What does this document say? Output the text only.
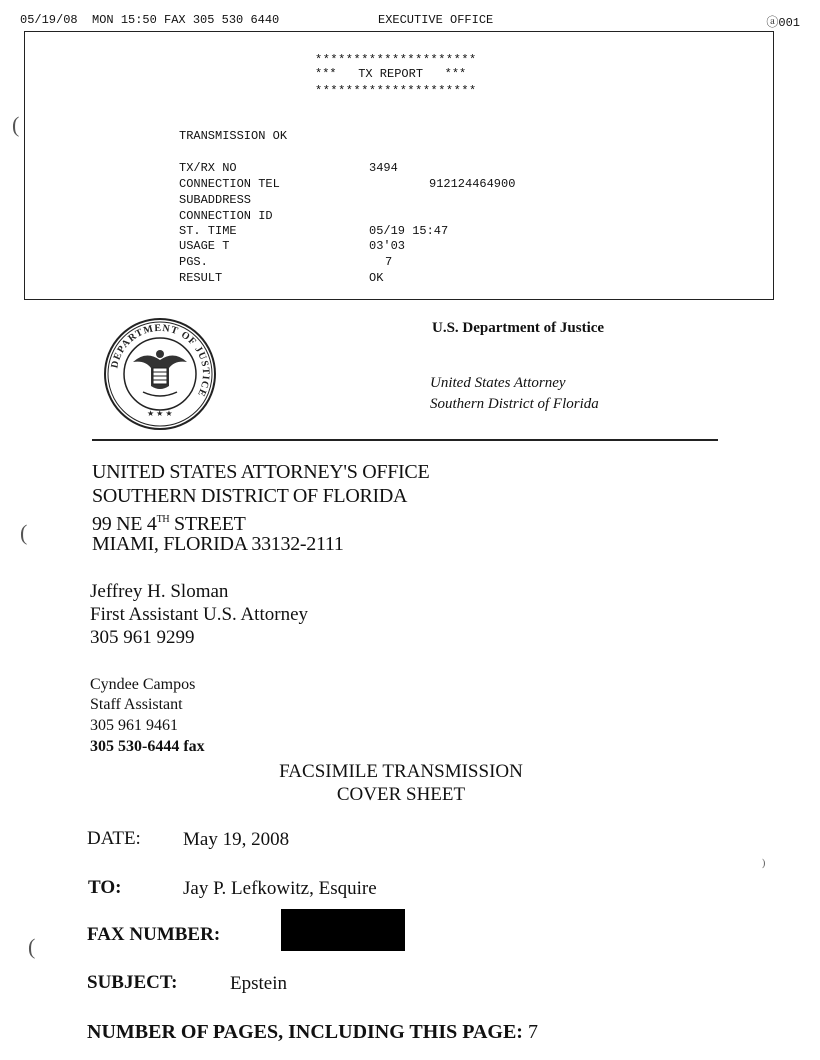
05/19/08  MON 15:50 FAX 305 530 6440	EXECUTIVE OFFICE	ⓐ001
*********************
***   TX REPORT   ***
*********************
TRANSMISSION OK
TX/RX NO	3494
CONNECTION TEL	912124464900
SUBADDRESS
CONNECTION ID
ST. TIME	05/19 15:47
USAGE T	03'03
PGS.	7
RESULT	OK
DEPARTMENT OF JUSTICE
★ ★ ★
U.S. Department of Justice
United States Attorney
Southern District of Florida
UNITED STATES ATTORNEY'S OFFICE
SOUTHERN DISTRICT OF FLORIDA
99 NE 4TH STREET
MIAMI, FLORIDA 33132-2111
Jeffrey H. Sloman
First Assistant U.S. Attorney
305 961 9299
Cyndee Campos
Staff Assistant
305 961 9461
305 530-6444 fax
FACSIMILE TRANSMISSION
COVER SHEET
DATE: May 19, 2008
TO:	Jay P. Lefkowitz, Esquire
FAX NUMBER:
SUBJECT:	Epstein
NUMBER OF PAGES, INCLUDING THIS PAGE: 7
(
(
(
)
